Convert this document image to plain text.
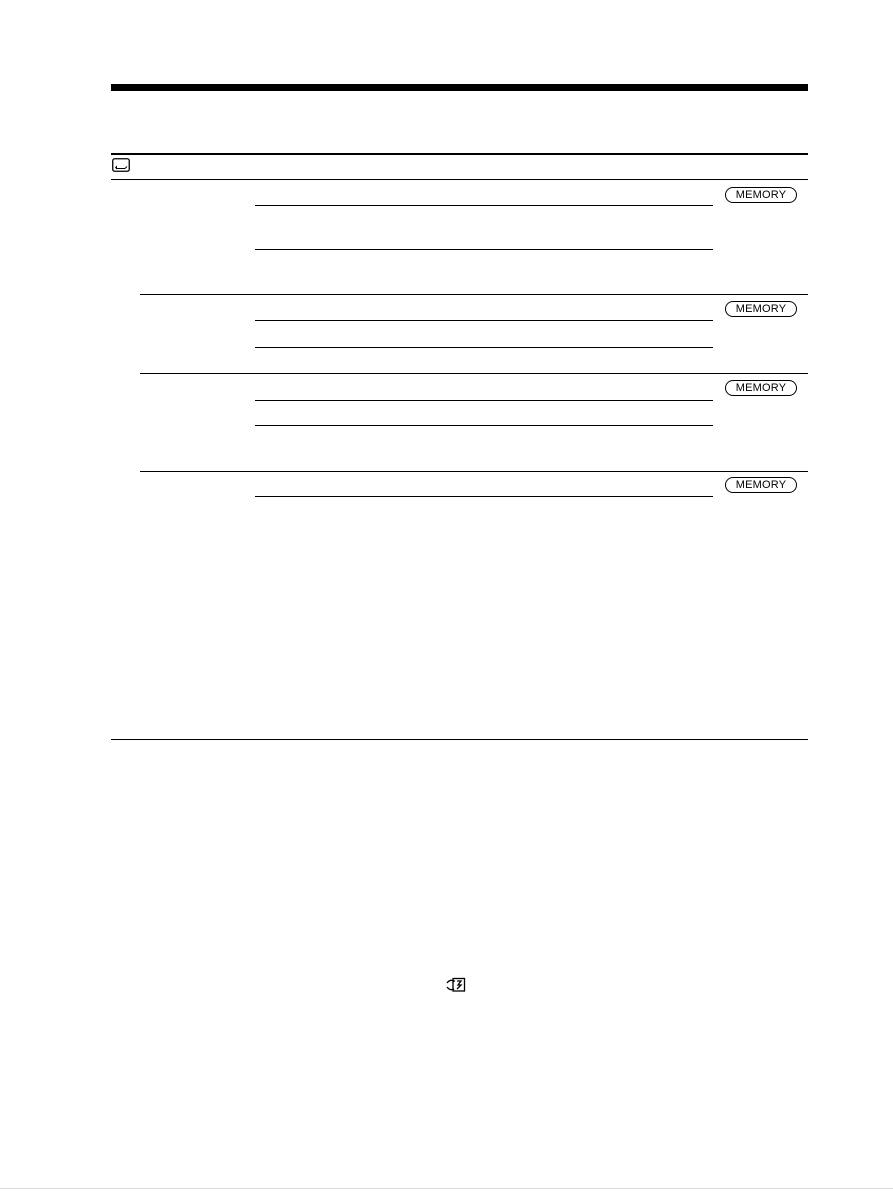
MEMORY
MEMORY
MEMORY
MEMORY
